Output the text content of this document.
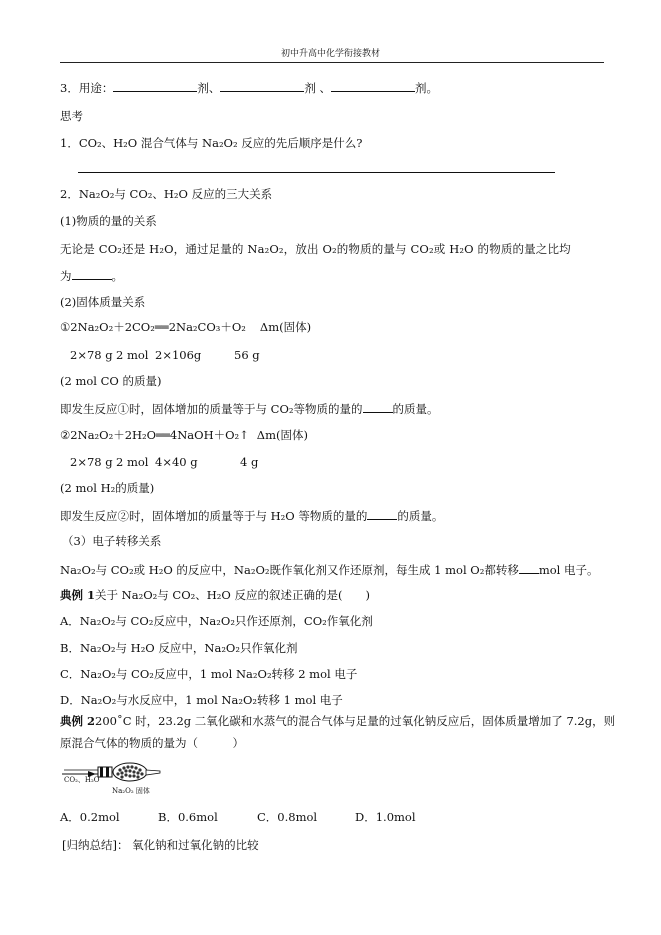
初中升高中化学衔接教材
3．用途：	剂、	剂 、	剂。
思考
1．CO₂、H₂O 混合气体与 Na₂O₂ 反应的先后顺序是什么?
2．Na₂O₂与 CO₂、H₂O 反应的三大关系
(1)物质的量的关系
无论是 CO₂还是 H₂O，通过足量的 Na₂O₂，放出 O₂的物质的量与 CO₂或 H₂O 的物质的量之比均
为	。
(2)固体质量关系
①2Na₂O₂＋2CO₂══2Na₂CO₃＋O₂ Δm(固体)
2×78 g 2 mol 2×106g	56 g
(2 mol CO 的质量)
即发生反应①时，固体增加的质量等于与 CO₂等物质的量的	的质量。
②2Na₂O₂＋2H₂O══4NaOH＋O₂↑ Δm(固体)
2×78 g 2 mol 4×40 g	4 g
(2 mol H₂的质量)
即发生反应②时，固体增加的质量等于与 H₂O 等物质的量的	的质量。
（3）电子转移关系
Na₂O₂与 CO₂或 H₂O 的反应中，Na₂O₂既作氧化剂又作还原剂，每生成 1 mol O₂都转移 mol 电子。
典例 1关于 Na₂O₂与 CO₂、H₂O 反应的叙述正确的是(　　)
A．Na₂O₂与 CO₂反应中，Na₂O₂只作还原剂，CO₂作氧化剂
B．Na₂O₂与 H₂O 反应中，Na₂O₂只作氧化剂
C．Na₂O₂与 CO₂反应中，1 mol Na₂O₂转移 2 mol 电子
D．Na₂O₂与水反应中，1 mol Na₂O₂转移 1 mol 电子
典例 2200˚C 时，23.2g 二氧化碳和水蒸气的混合气体与足量的过氧化钠反应后，固体质量增加了 7.2g，则
原混合气体的物质的量为（　　　）
CO₂、H₂O
Na₂O₂ 固体
A．0.2mol	B．0.6mol	C．0.8mol	D．1.0mol
[归纳总结]： 氧化钠和过氧化钠的比较
